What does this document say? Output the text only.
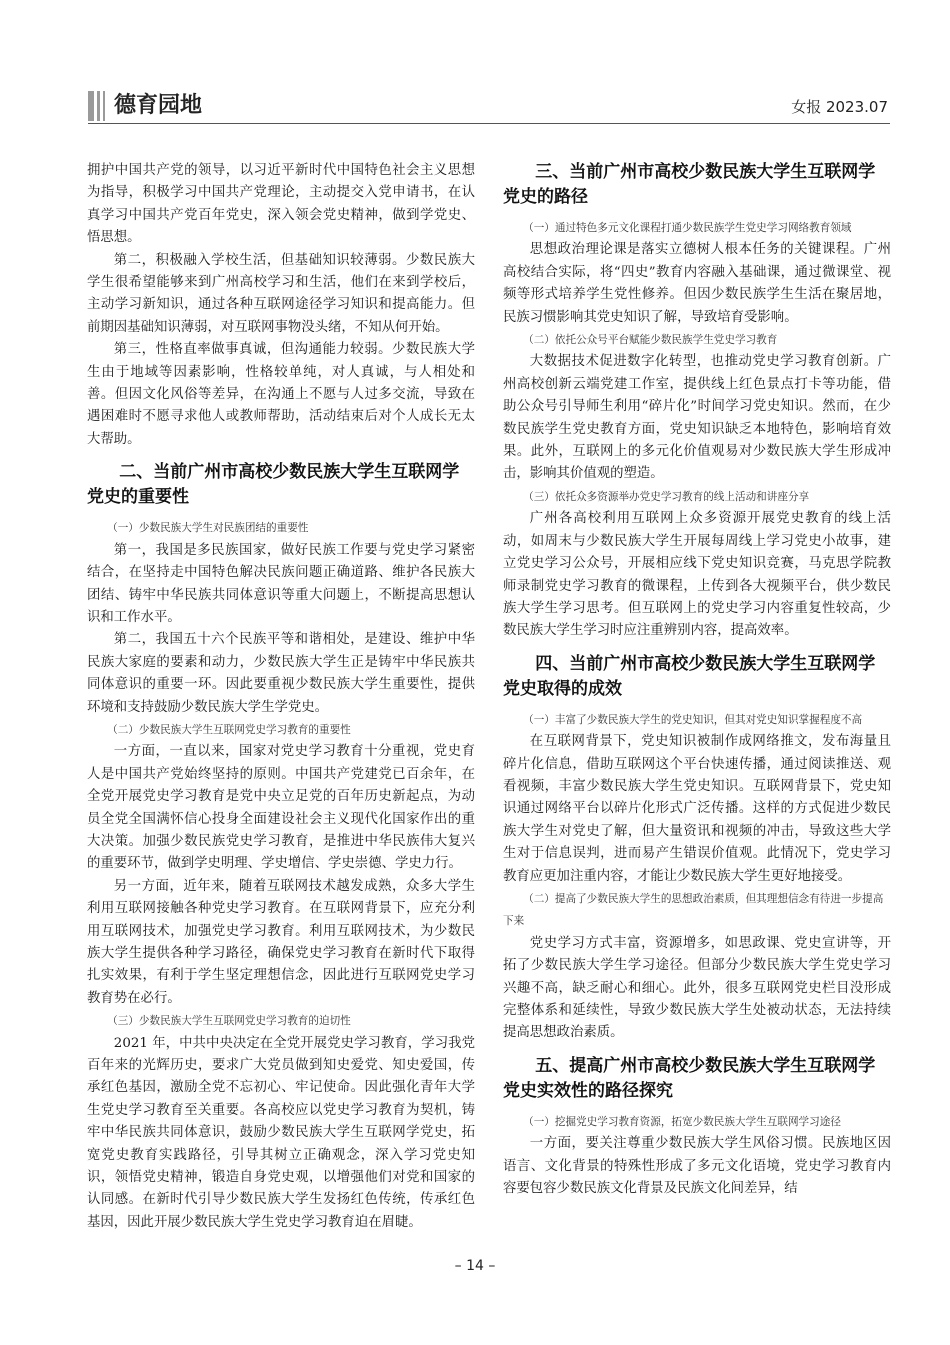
德育园地	女报 2023.07

拥护中国共产党的领导，以习近平新时代中国特色社会主义思想为指导，积极学习中国共产党理论，主动提交入党申请书，在认真学习中国共产党百年党史，深入领会党史精神，做到学党史、悟思想。

第二，积极融入学校生活，但基础知识较薄弱。少数民族大学生很希望能够来到广州高校学习和生活，他们在来到学校后，主动学习新知识，通过各种互联网途径学习知识和提高能力。但前期因基础知识薄弱，对互联网事物没头绪，不知从何开始。

第三，性格直率做事真诚，但沟通能力较弱。少数民族大学生由于地域等因素影响，性格较单纯，对人真诚，与人相处和善。但因文化风俗等差异，在沟通上不愿与人过多交流，导致在遇困难时不愿寻求他人或教师帮助，活动结束后对个人成长无太大帮助。

二、当前广州市高校少数民族大学生互联网学党史的重要性

（一）少数民族大学生对民族团结的重要性

第一，我国是多民族国家，做好民族工作要与党史学习紧密结合，在坚持走中国特色解决民族问题正确道路、维护各民族大团结、铸牢中华民族共同体意识等重大问题上，不断提高思想认识和工作水平。

第二，我国五十六个民族平等和谐相处，是建设、维护中华民族大家庭的要素和动力，少数民族大学生正是铸牢中华民族共同体意识的重要一环。因此要重视少数民族大学生重要性，提供环境和支持鼓励少数民族大学生学党史。

（二）少数民族大学生互联网党史学习教育的重要性

一方面，一直以来，国家对党史学习教育十分重视，党史育人是中国共产党始终坚持的原则。中国共产党建党已百余年，在全党开展党史学习教育是党中央立足党的百年历史新起点，为动员全党全国满怀信心投身全面建设社会主义现代化国家作出的重大决策。加强少数民族党史学习教育，是推进中华民族伟大复兴的重要环节，做到学史明理、学史增信、学史崇德、学史力行。

另一方面，近年来，随着互联网技术越发成熟，众多大学生利用互联网接触各种党史学习教育。在互联网背景下，应充分利用互联网技术，加强党史学习教育。利用互联网技术，为少数民族大学生提供各种学习路径，确保党史学习教育在新时代下取得扎实效果，有利于学生坚定理想信念，因此进行互联网党史学习教育势在必行。

（三）少数民族大学生互联网党史学习教育的迫切性

2021 年，中共中央决定在全党开展党史学习教育，学习我党百年来的光辉历史，要求广大党员做到知史爱党、知史爱国，传承红色基因，激励全党不忘初心、牢记使命。因此强化青年大学生党史学习教育至关重要。各高校应以党史学习教育为契机，铸牢中华民族共同体意识，鼓励少数民族大学生互联网学党史，拓宽党史教育实践路径，引导其树立正确观念，深入学习党史知识，领悟党史精神，锻造自身党史观，以增强他们对党和国家的认同感。在新时代引导少数民族大学生发扬红色传统，传承红色基因，因此开展少数民族大学生党史学习教育迫在眉睫。

三、当前广州市高校少数民族大学生互联网学党史的路径

（一）通过特色多元文化课程打通少数民族学生党史学习网络教育领域

思想政治理论课是落实立德树人根本任务的关键课程。广州高校结合实际，将“四史”教育内容融入基础课，通过微课堂、视频等形式培养学生党性修养。但因少数民族学生生活在聚居地，民族习惯影响其党史知识了解，导致培育受影响。

（二）依托公众号平台赋能少数民族学生党史学习教育

大数据技术促进数字化转型，也推动党史学习教育创新。广州高校创新云端党建工作室，提供线上红色景点打卡等功能，借助公众号引导师生利用“碎片化”时间学习党史知识。然而，在少数民族学生党史教育方面，党史知识缺乏本地特色，影响培育效果。此外，互联网上的多元化价值观易对少数民族大学生形成冲击，影响其价值观的塑造。

（三）依托众多资源举办党史学习教育的线上活动和讲座分享

广州各高校利用互联网上众多资源开展党史教育的线上活动，如周末与少数民族大学生开展每周线上学习党史小故事，建立党史学习公众号，开展相应线下党史知识竞赛，马克思学院教师录制党史学习教育的微课程，上传到各大视频平台，供少数民族大学生学习思考。但互联网上的党史学习内容重复性较高，少数民族大学生学习时应注重辨别内容，提高效率。

四、当前广州市高校少数民族大学生互联网学党史取得的成效

（一）丰富了少数民族大学生的党史知识，但其对党史知识掌握程度不高

在互联网背景下，党史知识被制作成网络推文，发布海量且碎片化信息，借助互联网这个平台快速传播，通过阅读推送、观看视频，丰富少数民族大学生党史知识。互联网背景下，党史知识通过网络平台以碎片化形式广泛传播。这样的方式促进少数民族大学生对党史了解，但大量资讯和视频的冲击，导致这些大学生对于信息误判，进而易产生错误价值观。此情况下，党史学习教育应更加注重内容，才能让少数民族大学生更好地接受。

（二）提高了少数民族大学生的思想政治素质，但其理想信念有待进一步提高下来

党史学习方式丰富，资源增多，如思政课、党史宣讲等，开拓了少数民族大学生学习途径。但部分少数民族大学生党史学习兴趣不高，缺乏耐心和细心。此外，很多互联网党史栏目没形成完整体系和延续性，导致少数民族大学生处被动状态，无法持续提高思想政治素质。

五、提高广州市高校少数民族大学生互联网学党史实效性的路径探究

（一）挖掘党史学习教育资源，拓宽少数民族大学生互联网学习途径

一方面，要关注尊重少数民族大学生风俗习惯。民族地区因语言、文化背景的特殊性形成了多元文化语境，党史学习教育内容要包容少数民族文化背景及民族文化间差异，结

– 14 –
